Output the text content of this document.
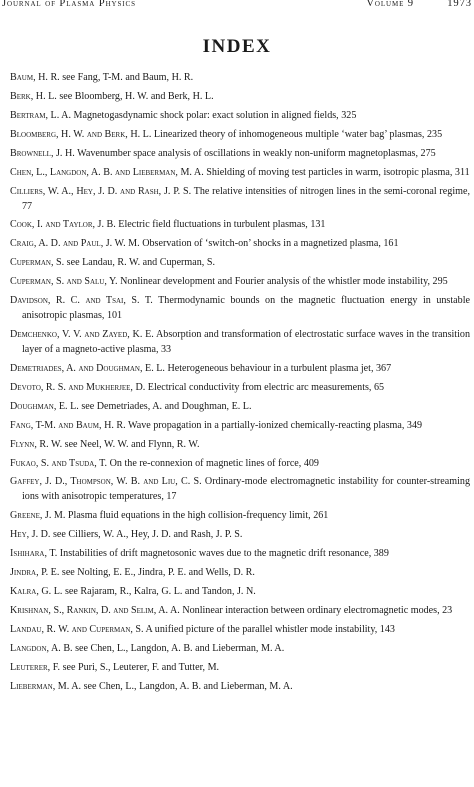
Journal of Plasma Physics	Volume 9	1973
INDEX
Baum, H. R. see Fang, T-M. and Baum, H. R.
Berk, H. L. see Bloomberg, H. W. and Berk, H. L.
Bertram, L. A. Magnetogasdynamic shock polar: exact solution in aligned fields, 325
Bloomberg, H. W. and Berk, H. L. Linearized theory of inhomogeneous multiple ‘water bag’ plasmas, 235
Brownell, J. H. Wavenumber space analysis of oscillations in weakly non-uniform magnetoplasmas, 275
Chen, L., Langdon, A. B. and Lieberman, M. A. Shielding of moving test particles in warm, isotropic plasma, 311
Cilliers, W. A., Hey, J. D. and Rash, J. P. S. The relative intensities of nitrogen lines in the semi-coronal regime, 77
Cook, I. and Taylor, J. B. Electric field fluctuations in turbulent plasmas, 131
Craig, A. D. and Paul, J. W. M. Observation of ‘switch-on’ shocks in a magnetized plasma, 161
Cuperman, S. see Landau, R. W. and Cuperman, S.
Cuperman, S. and Salu, Y. Nonlinear development and Fourier analysis of the whistler mode instability, 295
Davidson, R. C. and Tsai, S. T. Thermodynamic bounds on the magnetic fluctuation energy in unstable anisotropic plasmas, 101
Demchenko, V. V. and Zayed, K. E. Absorption and transformation of electrostatic surface waves in the transition layer of a magneto-active plasma, 33
Demetriades, A. and Doughman, E. L. Heterogeneous behaviour in a turbulent plasma jet, 367
Devoto, R. S. and Mukherjee, D. Electrical conductivity from electric arc measurements, 65
Doughman, E. L. see Demetriades, A. and Doughman, E. L.
Fang, T-M. and Baum, H. R. Wave propagation in a partially-ionized chemically-reacting plasma, 349
Flynn, R. W. see Neel, W. W. and Flynn, R. W.
Fukao, S. and Tsuda, T. On the re-connexion of magnetic lines of force, 409
Gaffey, J. D., Thompson, W. B. and Liu, C. S. Ordinary-mode electromagnetic instability for counter-streaming ions with anisotropic temperatures, 17
Greene, J. M. Plasma fluid equations in the high collision-frequency limit, 261
Hey, J. D. see Cilliers, W. A., Hey, J. D. and Rash, J. P. S.
Ishihara, T. Instabilities of drift magnetosonic waves due to the magnetic drift resonance, 389
Jindra, P. E. see Nolting, E. E., Jindra, P. E. and Wells, D. R.
Kalra, G. L. see Rajaram, R., Kalra, G. L. and Tandon, J. N.
Krishnan, S., Rankin, D. and Selim, A. A. Nonlinear interaction between ordinary electromagnetic modes, 23
Landau, R. W. and Cuperman, S. A unified picture of the parallel whistler mode instability, 143
Langdon, A. B. see Chen, L., Langdon, A. B. and Lieberman, M. A.
Leuterer, F. see Puri, S., Leuterer, F. and Tutter, M.
Lieberman, M. A. see Chen, L., Langdon, A. B. and Lieberman, M. A.
